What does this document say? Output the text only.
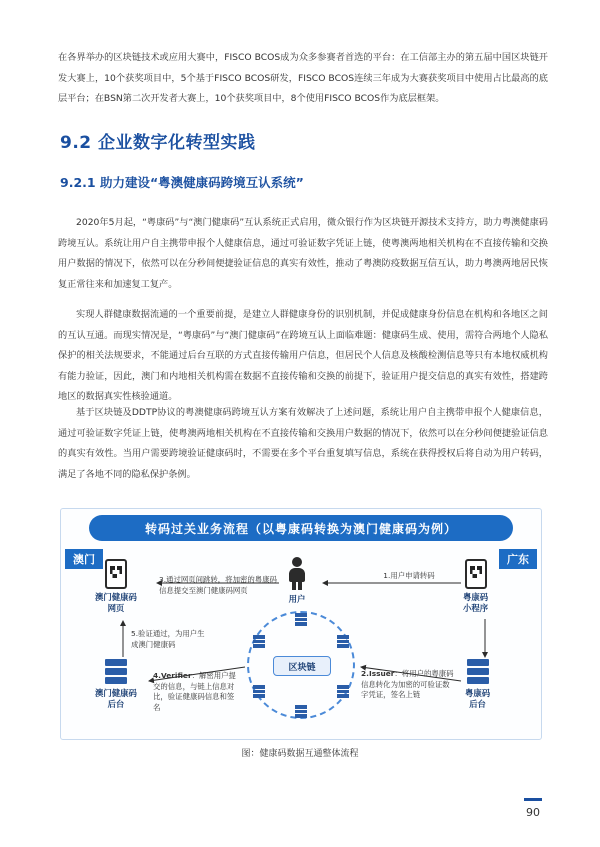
在各界举办的区块链技术或应用大赛中，FISCO BCOS成为众多参赛者首选的平台：在工信部主办的第五届中国区块链开发大赛上，10个获奖项目中，5个基于FISCO BCOS研发，FISCO BCOS连续三年成为大赛获奖项目中使用占比最高的底层平台；在BSN第二次开发者大赛上，10个获奖项目中，8个使用FISCO BCOS作为底层框架。
9.2 企业数字化转型实践
9.2.1 助力建设“粤澳健康码跨境互认系统”
2020年5月起，“粤康码”与“澳门健康码”互认系统正式启用，微众银行作为区块链开源技术支持方，助力粤澳健康码跨境互认。系统让用户自主携带申报个人健康信息，通过可验证数字凭证上链，使粤澳两地相关机构在不直接传输和交换用户数据的情况下，依然可以在分秒间便捷验证信息的真实有效性，推动了粤澳防疫数据互信互认，助力粤澳两地居民恢复正常往来和加速复工复产。
实现人群健康数据流通的一个重要前提，是建立人群健康身份的识别机制，并促成健康身份信息在机构和各地区之间的互认互通。而现实情况是，“粤康码”与“澳门健康码”在跨境互认上面临难题：健康码生成、使用，需符合两地个人隐私保护的相关法规要求，不能通过后台互联的方式直接传输用户信息，但居民个人信息及核酸检测信息等只有本地权威机构有能力验证，因此，澳门和内地相关机构需在数据不直接传输和交换的前提下，验证用户提交信息的真实有效性，搭建跨地区的数据真实性核验通道。
基于区块链及DDTP协议的粤澳健康码跨境互认方案有效解决了上述问题，系统让用户自主携带申报个人健康信息，通过可验证数字凭证上链，使粤澳两地相关机构在不直接传输和交换用户数据的情况下，依然可以在分秒间便捷验证信息的真实有效性。当用户需要跨境验证健康码时，不需要在多个平台重复填写信息，系统在获得授权后将自动为用户转码，满足了各地不同的隐私保护条例。
转码过关业务流程（以粤康码转换为澳门健康码为例）
澳门	广东
澳门健康码
网页
用户	粤康码
小程序
澳门健康码
后台
粤康码
后台
区块链
1.用户申请转码
3.通过网页间跳转，将加密的粤康码信息提交至澳门健康码网页
5.验证通过，为用户生成澳门健康码
4.Verifier：解密用户提交的信息，与链上信息对比，验证健康码信息和签名
2.Issuer：将用户的粤康码信息转化为加密的可验证数字凭证，签名上链
图：健康码数据互通整体流程
90
